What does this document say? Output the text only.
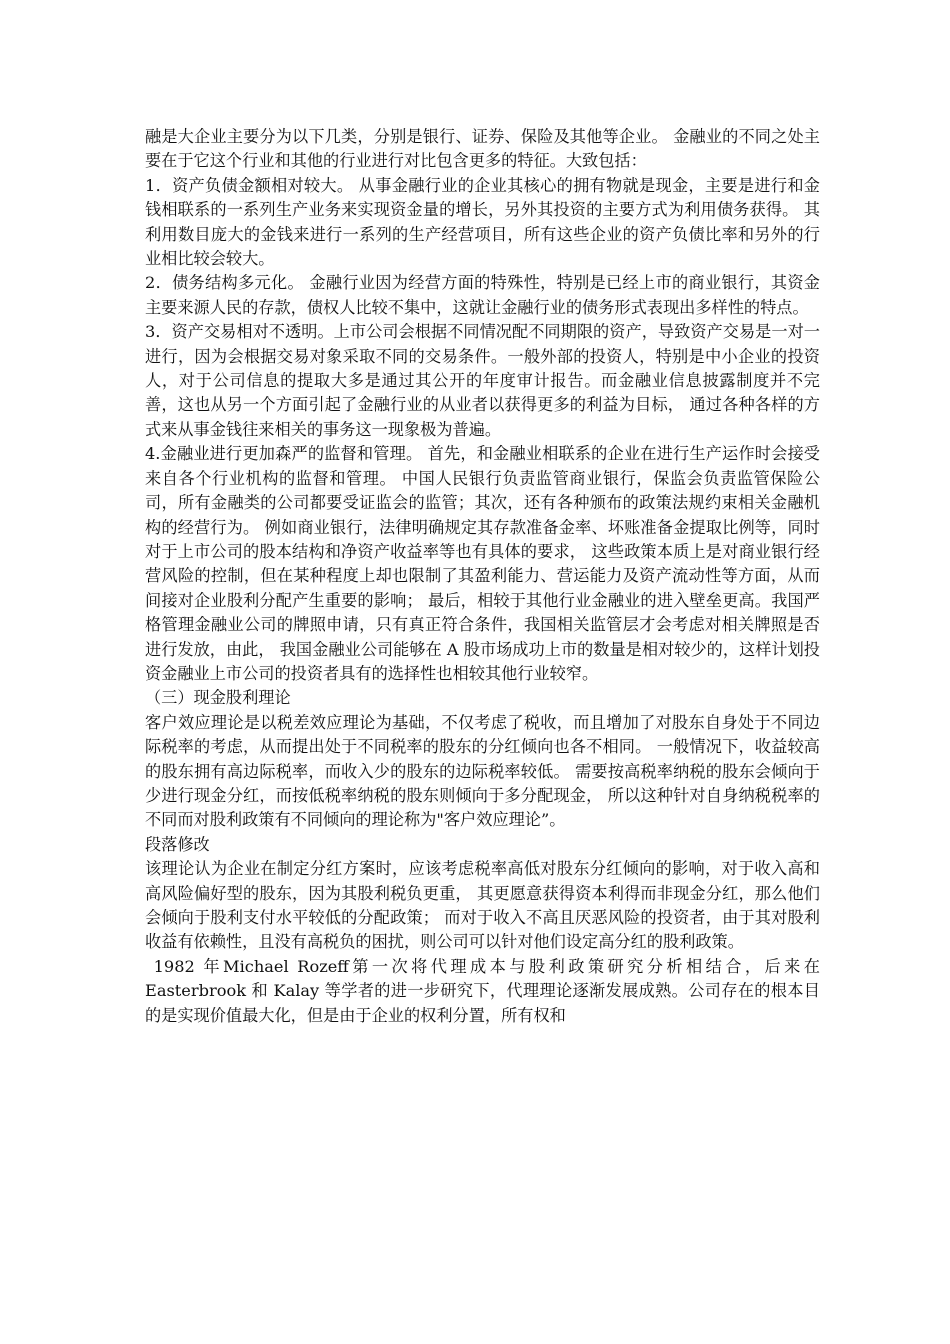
融是大企业主要分为以下几类，分别是银行、证券、保险及其他等企业。 金融业的不同之处主要在于它这个行业和其他的行业进行对比包含更多的特征。大致包括：

1．资产负债金额相对较大。 从事金融行业的企业其核心的拥有物就是现金，主要是进行和金钱相联系的一系列生产业务来实现资金量的增长，另外其投资的主要方式为利用债务获得。 其利用数目庞大的金钱来进行一系列的生产经营项目，所有这些企业的资产负债比率和另外的行业相比较会较大。

2．债务结构多元化。 金融行业因为经营方面的特殊性，特别是已经上市的商业银行，其资金主要来源人民的存款，债权人比较不集中，这就让金融行业的债务形式表现出多样性的特点。

3．资产交易相对不透明。上市公司会根据不同情况配不同期限的资产，导致资产交易是一对一进行，因为会根据交易对象采取不同的交易条件。一般外部的投资人，特别是中小企业的投资人，对于公司信息的提取大多是通过其公开的年度审计报告。而金融业信息披露制度并不完善，这也从另一个方面引起了金融行业的从业者以获得更多的利益为目标， 通过各种各样的方式来从事金钱往来相关的事务这一现象极为普遍。

4.金融业进行更加森严的监督和管理。 首先，和金融业相联系的企业在进行生产运作时会接受来自各个行业机构的监督和管理。 中国人民银行负责监管商业银行，保监会负责监管保险公司，所有金融类的公司都要受证监会的监管；其次，还有各种颁布的政策法规约束相关金融机构的经营行为。 例如商业银行，法律明确规定其存款准备金率、坏账准备金提取比例等，同时对于上市公司的股本结构和净资产收益率等也有具体的要求， 这些政策本质上是对商业银行经营风险的控制，但在某种程度上却也限制了其盈利能力、营运能力及资产流动性等方面，从而间接对企业股利分配产生重要的影响； 最后，相较于其他行业金融业的进入壁垒更高。我国严格管理金融业公司的牌照申请，只有真正符合条件，我国相关监管层才会考虑对相关牌照是否进行发放，由此， 我国金融业公司能够在 A 股市场成功上市的数量是相对较少的，这样计划投资金融业上市公司的投资者具有的选择性也相较其他行业较窄。

（三）现金股利理论

客户效应理论是以税差效应理论为基础，不仅考虑了税收，而且增加了对股东自身处于不同边际税率的考虑，从而提出处于不同税率的股东的分红倾向也各不相同。 一般情况下，收益较高的股东拥有高边际税率，而收入少的股东的边际税率较低。 需要按高税率纳税的股东会倾向于少进行现金分红，而按低税率纳税的股东则倾向于多分配现金， 所以这种针对自身纳税税率的不同而对股利政策有不同倾向的理论称为"客户效应理论”。

段落修改

该理论认为企业在制定分红方案时，应该考虑税率高低对股东分红倾向的影响，对于收入高和高风险偏好型的股东，因为其股利税负更重， 其更愿意获得资本利得而非现金分红，那么他们会倾向于股利支付水平较低的分配政策； 而对于收入不高且厌恶风险的投资者，由于其对股利收益有依赖性，且没有高税负的困扰，则公司可以针对他们设定高分红的股利政策。

1982 年Michael Rozeff第一次将代理成本与股利政策研究分析相结合，后来在Easterbrook 和 Kalay 等学者的进一步研究下，代理理论逐渐发展成熟。公司存在的根本目的是实现价值最大化，但是由于企业的权利分置，所有权和
